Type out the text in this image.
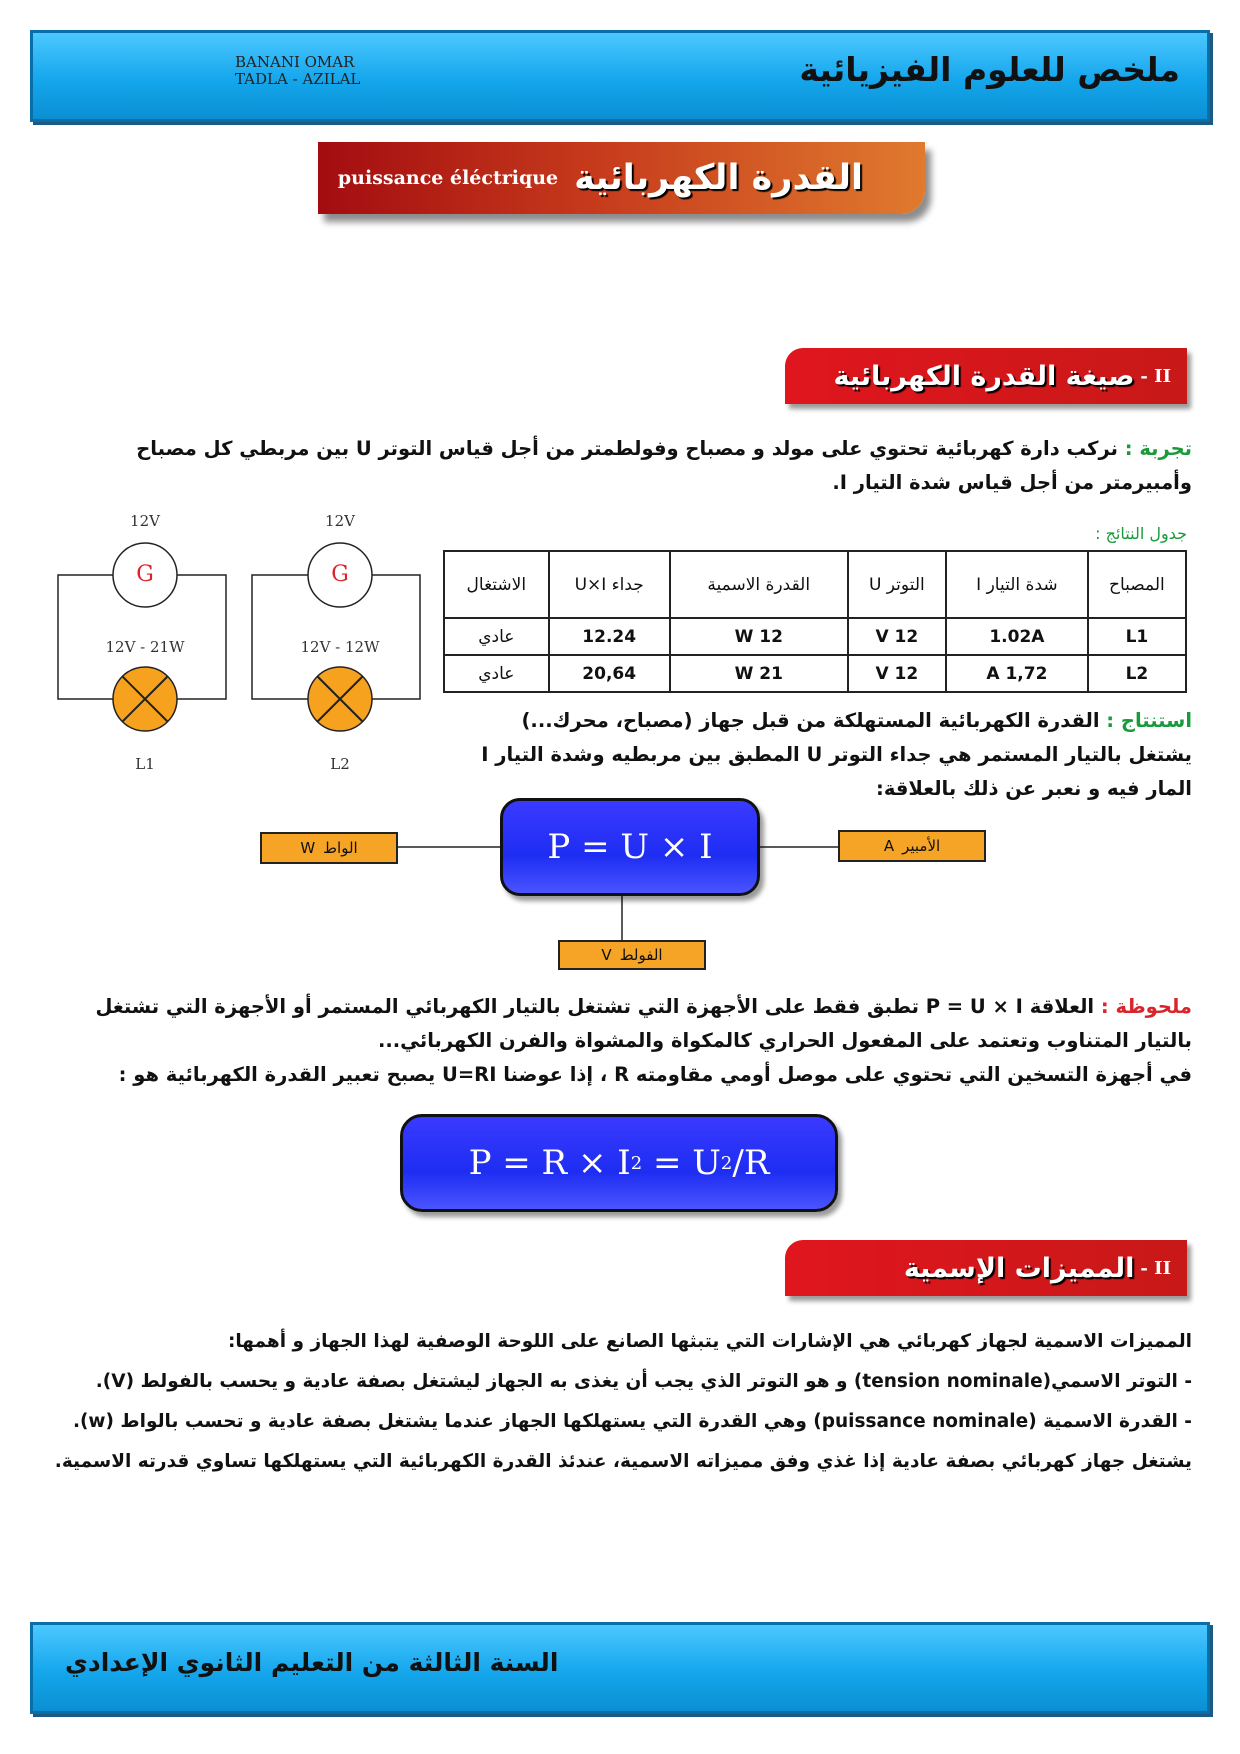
BANANI OMAR
TADLA - AZILAL	ملخص للعلوم الفيزيائية
puissance éléctrique القدرة الكهربائية
صيغة القدرة الكهربائية - II
تجربة : نركب دارة كهربائية تحتوي على مولد و مصباح وفولطمتر من أجل قياس التوتر U بين مربطي كل مصباح
وأمبيرمتر من أجل قياس شدة التيار I.
12V
G
12V - 21W
L1
12V
G
12V - 12W
L2
جدول النتائج :
المصباح	شدة التيار I	التوتر U	القدرة الاسمية	جداء U×I	الاشتغال
L1	1.02A	12 V	12 W	12.24	عادي
L2	1,72 A	12 V	21 W	20,64	عادي
استنتاج : القدرة الكهربائية المستهلكة من قبل جهاز (مصباح، محرك...)
يشتغل بالتيار المستمر هي جداء التوتر U المطبق بين مربطيه وشدة التيار I
المار فيه و نعبر عن ذلك بالعلاقة:
P = U × I
W الواط	A الأمبير
V الفولط
ملحوظة : العلاقة P = U × I تطبق فقط على الأجهزة التي تشتغل بالتيار الكهربائي المستمر أو الأجهزة التي تشتغل
بالتيار المتناوب وتعتمد على المفعول الحراري كالمكواة والمشواة والفرن الكهربائي...
في أجهزة التسخين التي تحتوي على موصل أومي مقاومته R ، إذا عوضنا U=RI يصبح تعبير القدرة الكهربائية هو :
P = R × I 2 = U 2 /R
المميزات الإسمية - II
المميزات الاسمية لجهاز كهربائي هي الإشارات التي يتبثها الصانع على اللوحة الوصفية لهذا الجهاز و أهمها:
- التوتر الاسمي(tension nominale) و هو التوتر الذي يجب أن يغذى به الجهاز ليشتغل بصفة عادية و يحسب بالفولط (V).
- القدرة الاسمية (puissance nominale) وهي القدرة التي يستهلكها الجهاز عندما يشتغل بصفة عادية و تحسب بالواط (w).
يشتغل جهاز كهربائي بصفة عادية إذا غذي وفق مميزاته الاسمية، عندئذ القدرة الكهربائية التي يستهلكها تساوي قدرته الاسمية.
السنة الثالثة من التعليم الثانوي الإعدادي
